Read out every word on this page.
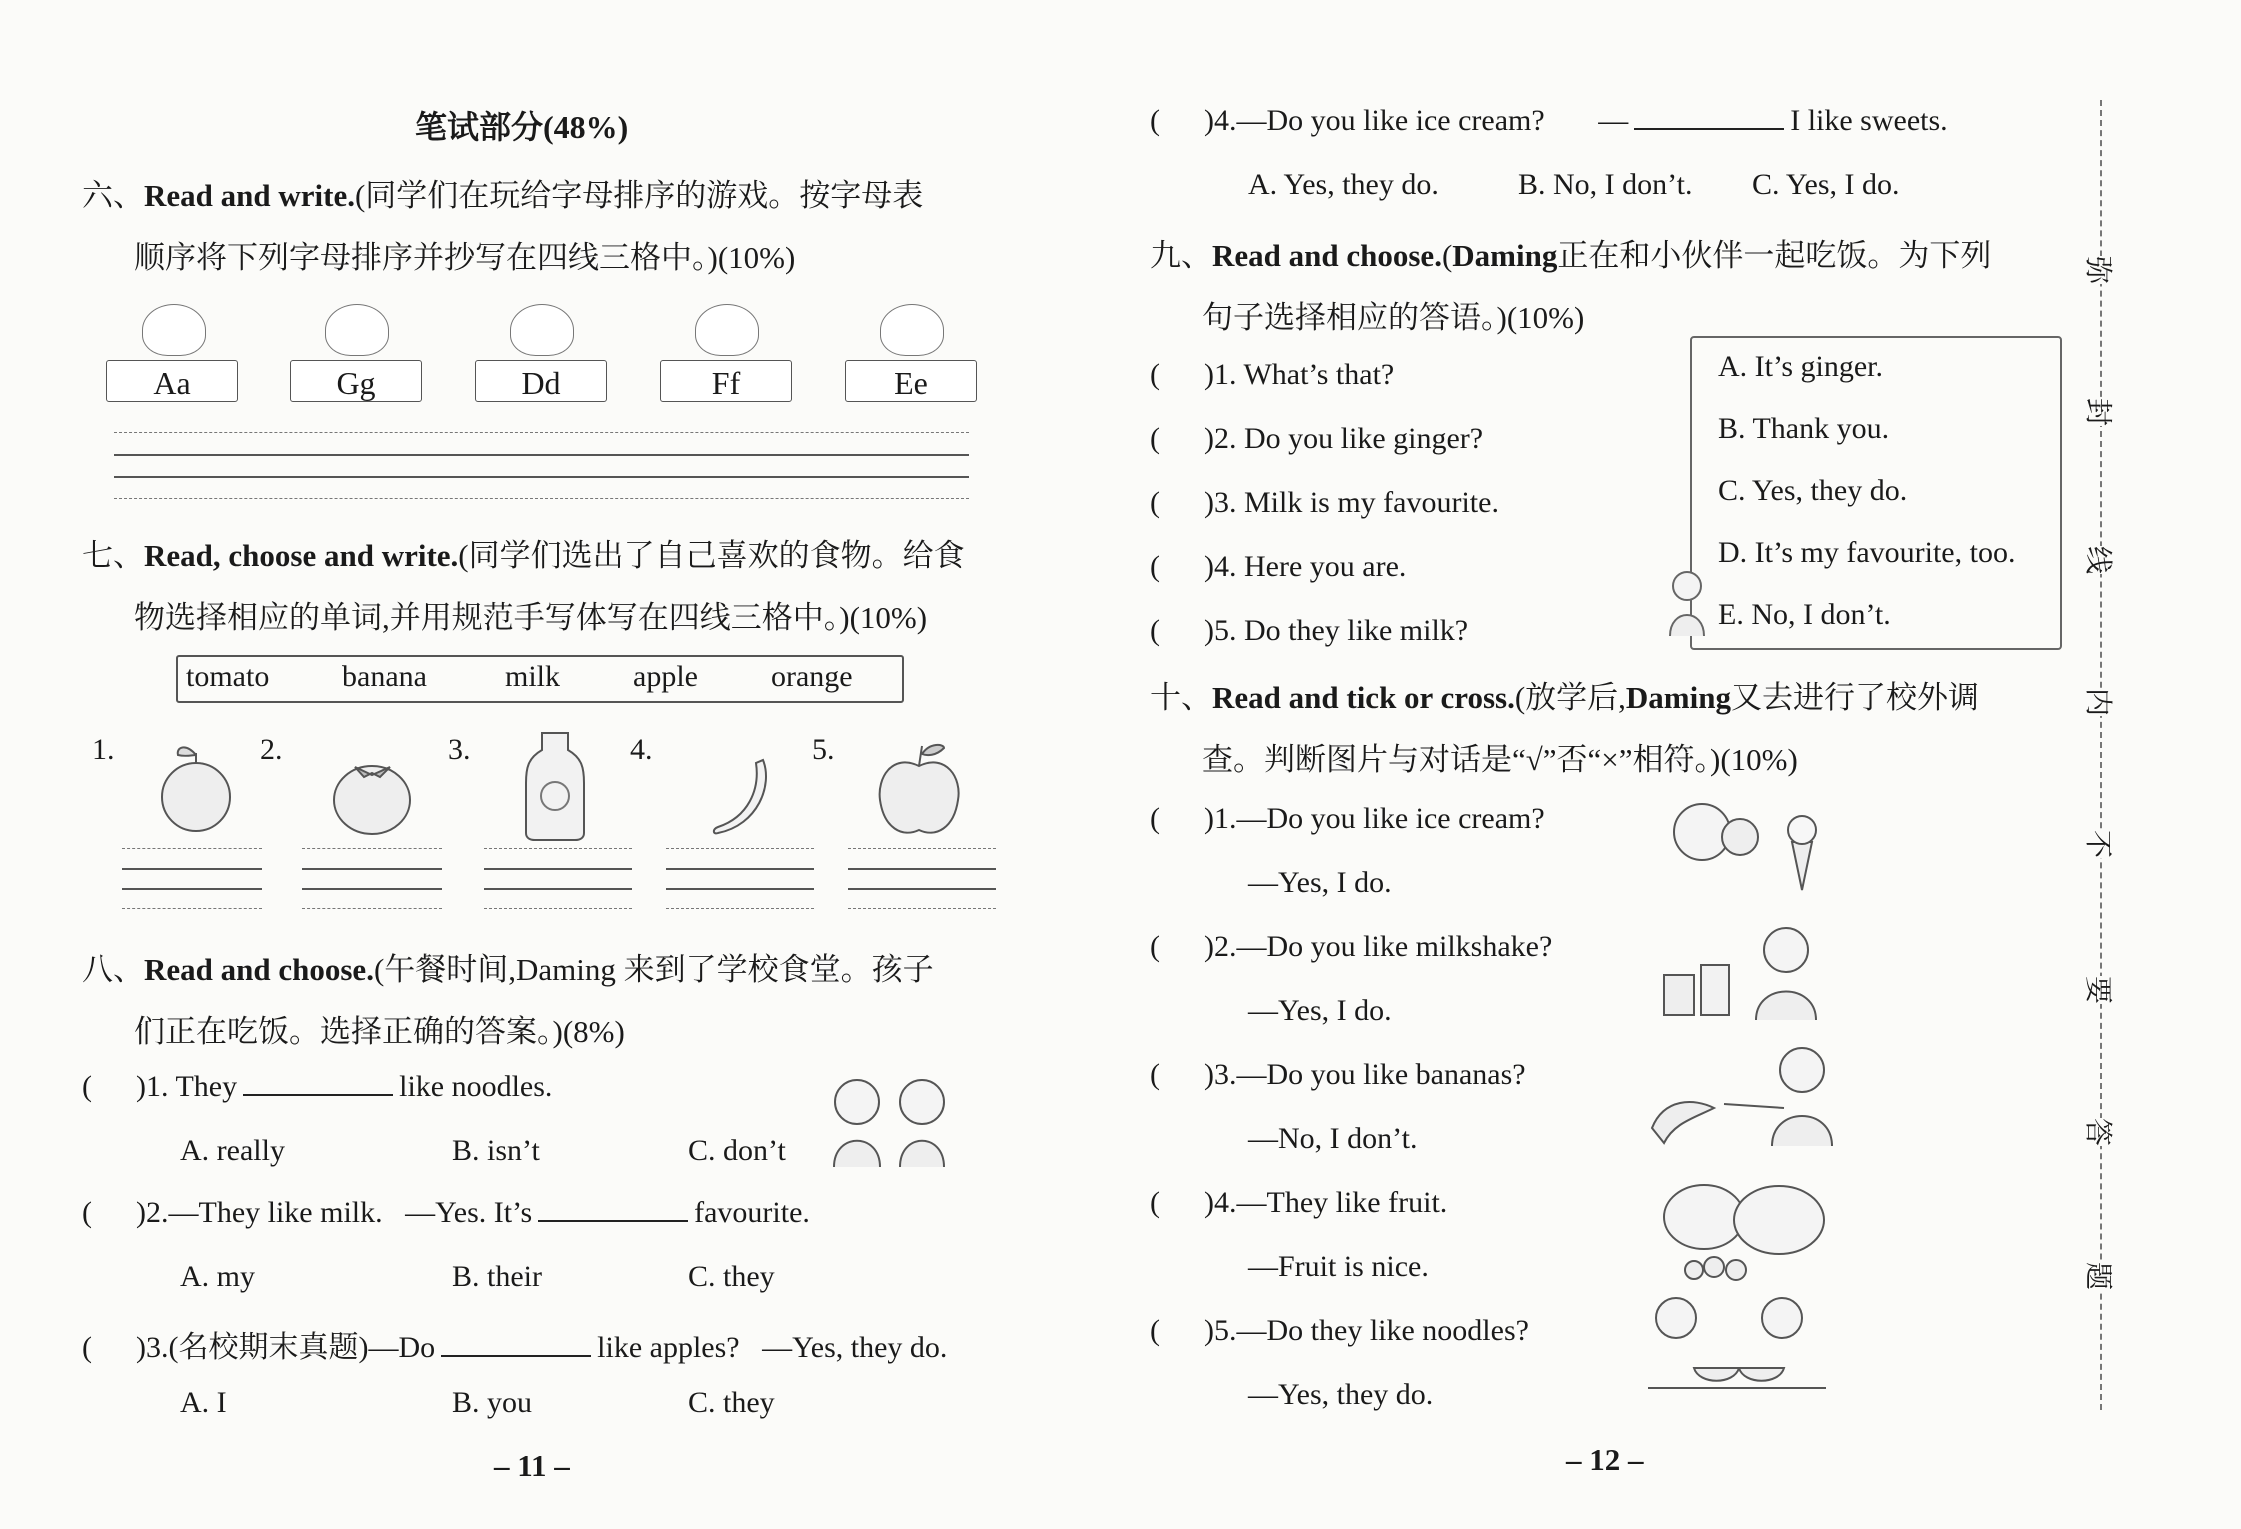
笔试部分(48%)
六、Read and write.(同学们在玩给字母排序的游戏。按字母表
顺序将下列字母排序并抄写在四线三格中。)(10%)
Aa	Gg	Dd	Ff	Ee
七、Read, choose and write.(同学们选出了自己喜欢的食物。给食
物选择相应的单词,并用规范手写体写在四线三格中。)(10%)
tomato banana	milk apple orange
1.	2.	3.	4.	5.
八、Read and choose.(午餐时间,Daming 来到了学校食堂。孩子
们正在吃饭。选择正确的答案。)(8%)
( )1. They	like noodles.
A. really	B. isn’t	C. don’t
( )2.—They like milk.   —Yes. It’s	favourite.
A. my	B. their	C. they
( )3.(名校期末真题)—Do	like apples?   —Yes, they do.
A. I	B. you	C. they
– 11 –
( )4.—Do you like ice cream? —	I like sweets.
A. Yes, they do.	B. No, I don’t. C. Yes, I do.
九、Read and choose.(Daming正在和小伙伴一起吃饭。为下列
句子选择相应的答语。)(10%)
( )1. What’s that?
( )2. Do you like ginger?
( )3. Milk is my favourite.
( )4. Here you are.
( )5. Do they like milk?
A. It’s ginger.
B. Thank you.
C. Yes, they do.
D. It’s my favourite, too.
E. No, I don’t.
十、Read and tick or cross.(放学后,Daming又去进行了校外调
查。判断图片与对话是“√”否“×”相符。)(10%)
( )1.—Do you like ice cream?
—Yes, I do.
( )2.—Do you like milkshake?
—Yes, I do.
( )3.—Do you like bananas?
—No, I don’t.
( )4.—They like fruit.
—Fruit is nice.
( )5.—Do they like noodles?
—Yes, they do.
– 12 –
弥
封
线
内
不
要
答
题
